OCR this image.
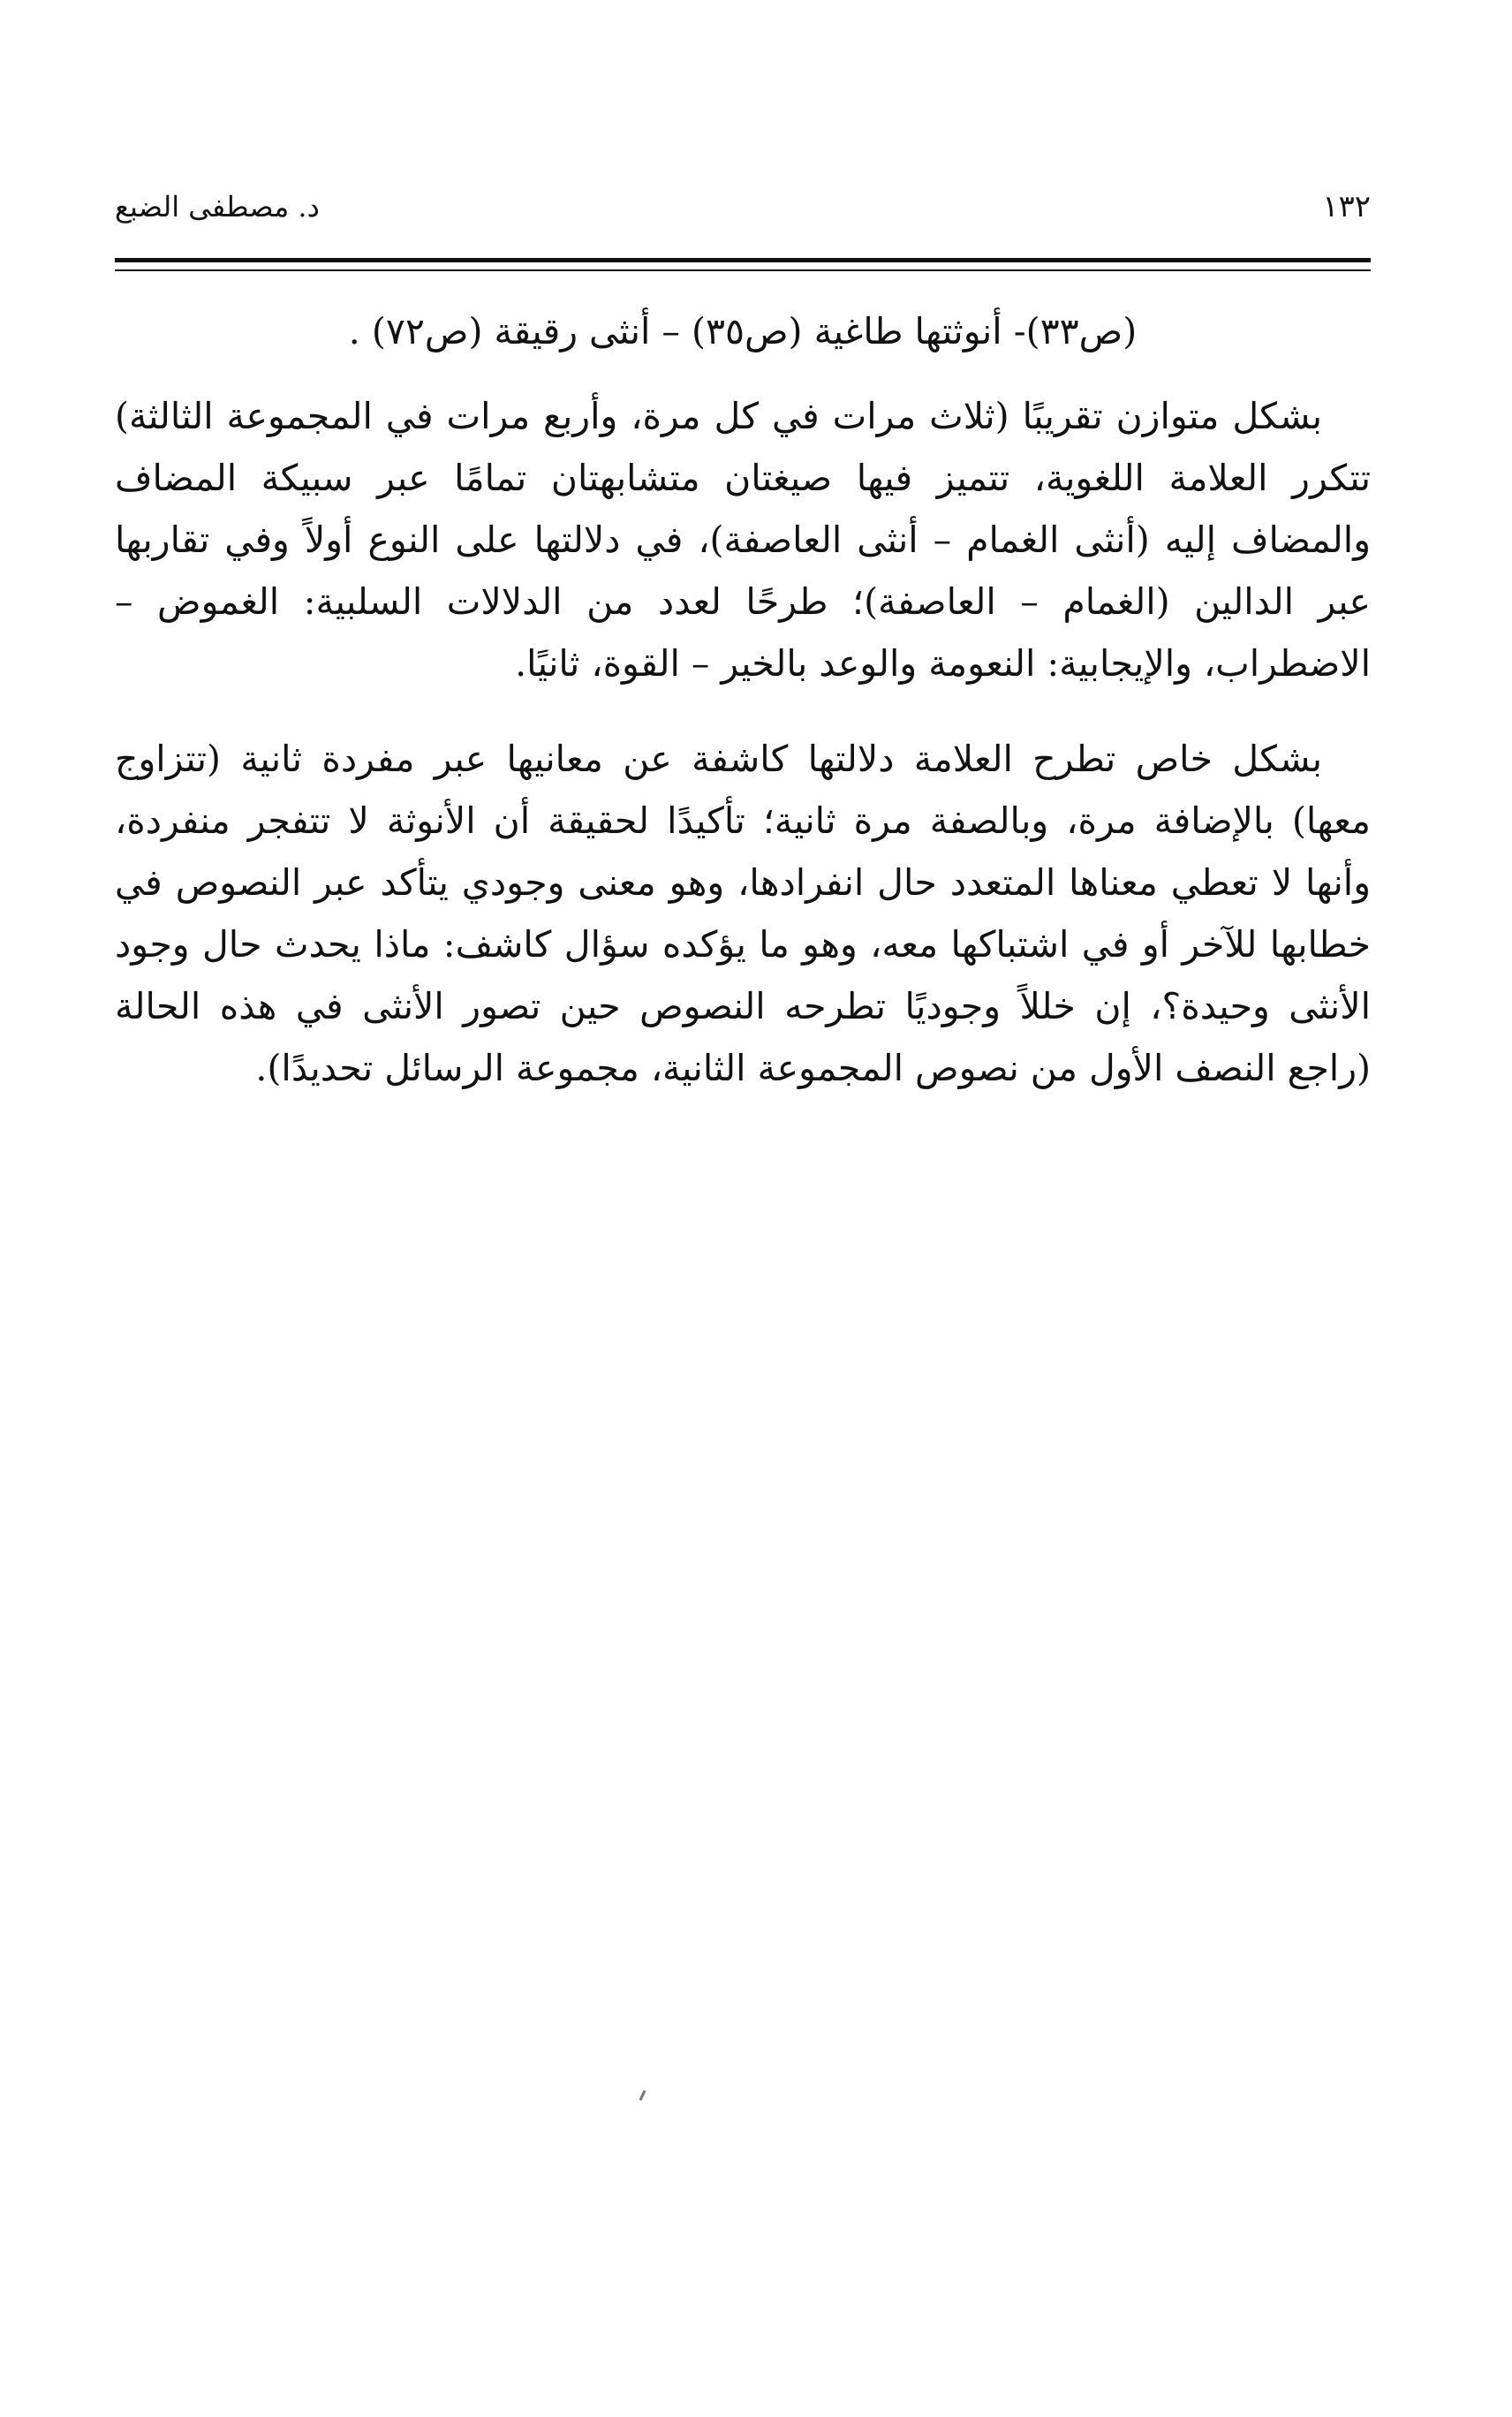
١٣٢
د. مصطفى الضبع

(ص٣٣)- أنوثتها طاغية (ص٣٥) – أنثى رقيقة (ص٧٢) .

بشكل متوازن تقريبًا (ثلاث مرات في كل مرة، وأربع مرات في المجموعة الثالثة) تتكرر العلامة اللغوية، تتميز فيها صيغتان متشابهتان تمامًا عبر سبيكة المضاف والمضاف إليه (أنثى الغمام – أنثى العاصفة)، في دلالتها على النوع أولاً وفي تقاربها عبر الدالين (الغمام – العاصفة)؛ طرحًا لعدد من الدلالات السلبية: الغموض – الاضطراب، والإيجابية: النعومة والوعد بالخير – القوة، ثانيًا.

بشكل خاص تطرح العلامة دلالتها كاشفة عن معانيها عبر مفردة ثانية (تتزاوج معها) بالإضافة مرة، وبالصفة مرة ثانية؛ تأكيدًا لحقيقة أن الأنوثة لا تتفجر منفردة، وأنها لا تعطي معناها المتعدد حال انفرادها، وهو معنى وجودي يتأكد عبر النصوص في خطابها للآخر أو في اشتباكها معه، وهو ما يؤكده سؤال كاشف: ماذا يحدث حال وجود الأنثى وحيدة؟، إن خللاً وجوديًا تطرحه النصوص حين تصور الأنثى في هذه الحالة (راجع النصف الأول من نصوص المجموعة الثانية، مجموعة الرسائل تحديدًا).
